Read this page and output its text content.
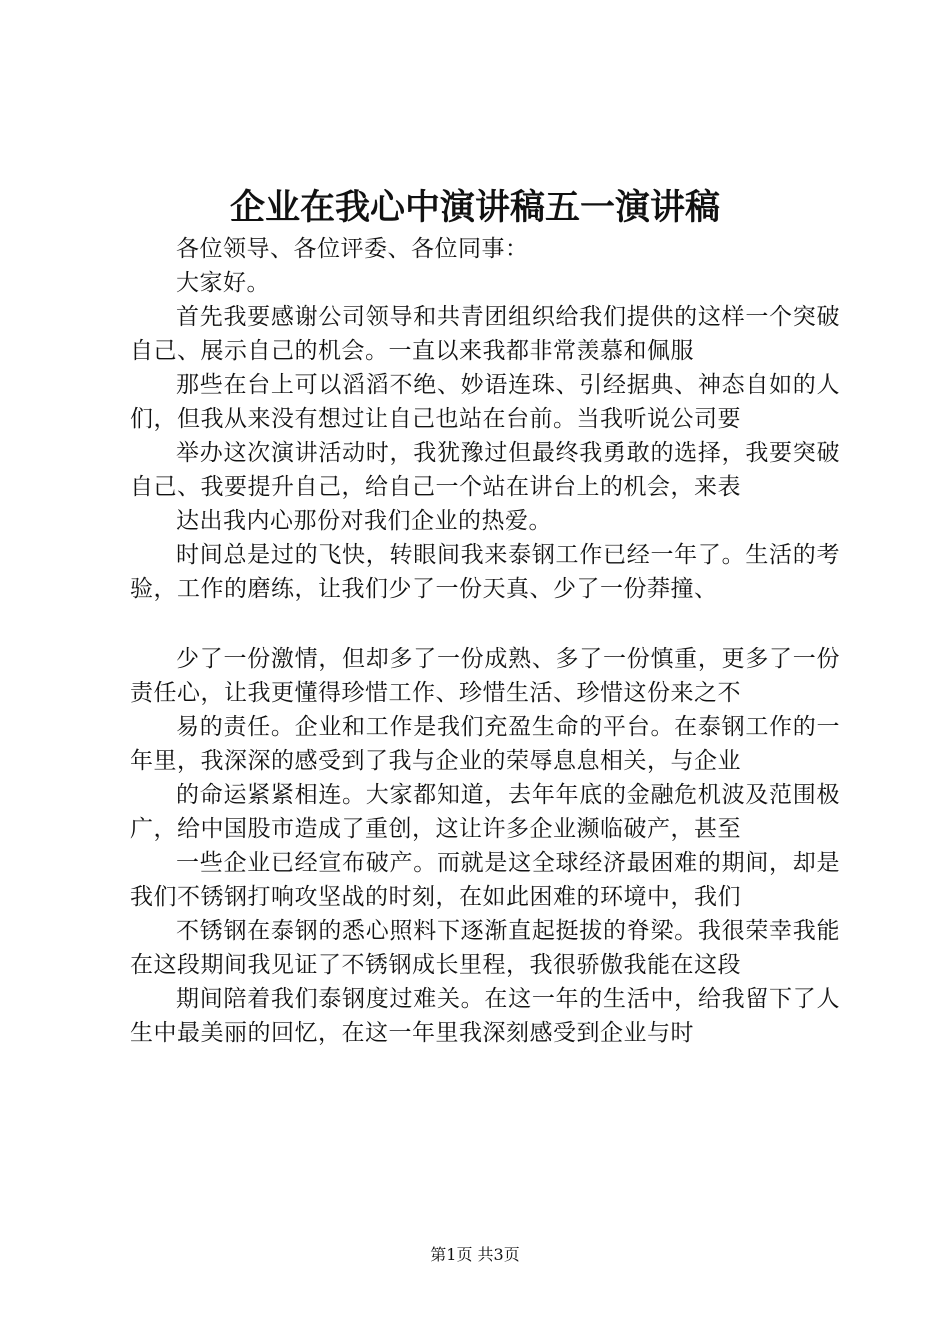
企业在我心中演讲稿五一演讲稿

各位领导、各位评委、各位同事：

大家好。

首先我要感谢公司领导和共青团组织给我们提供的这样一个突破自己、展示自己的机会。一直以来我都非常羡慕和佩服

那些在台上可以滔滔不绝、妙语连珠、引经据典、神态自如的人们，但我从来没有想过让自己也站在台前。当我听说公司要

举办这次演讲活动时，我犹豫过但最终我勇敢的选择，我要突破自己、我要提升自己，给自己一个站在讲台上的机会，来表

达出我内心那份对我们企业的热爱。

时间总是过的飞快，转眼间我来泰钢工作已经一年了。生活的考验，工作的磨练，让我们少了一份天真、少了一份莽撞、

少了一份激情，但却多了一份成熟、多了一份慎重，更多了一份责任心，让我更懂得珍惜工作、珍惜生活、珍惜这份来之不

易的责任。企业和工作是我们充盈生命的平台。在泰钢工作的一年里，我深深的感受到了我与企业的荣辱息息相关，与企业

的命运紧紧相连。大家都知道，去年年底的金融危机波及范围极广，给中国股市造成了重创，这让许多企业濒临破产，甚至

一些企业已经宣布破产。而就是这全球经济最困难的期间，却是我们不锈钢打响攻坚战的时刻，在如此困难的环境中，我们

不锈钢在泰钢的悉心照料下逐渐直起挺拔的脊梁。我很荣幸我能在这段期间我见证了不锈钢成长里程，我很骄傲我能在这段

期间陪着我们泰钢度过难关。在这一年的生活中，给我留下了人生中最美丽的回忆，在这一年里我深刻感受到企业与时

第1页 共3页
